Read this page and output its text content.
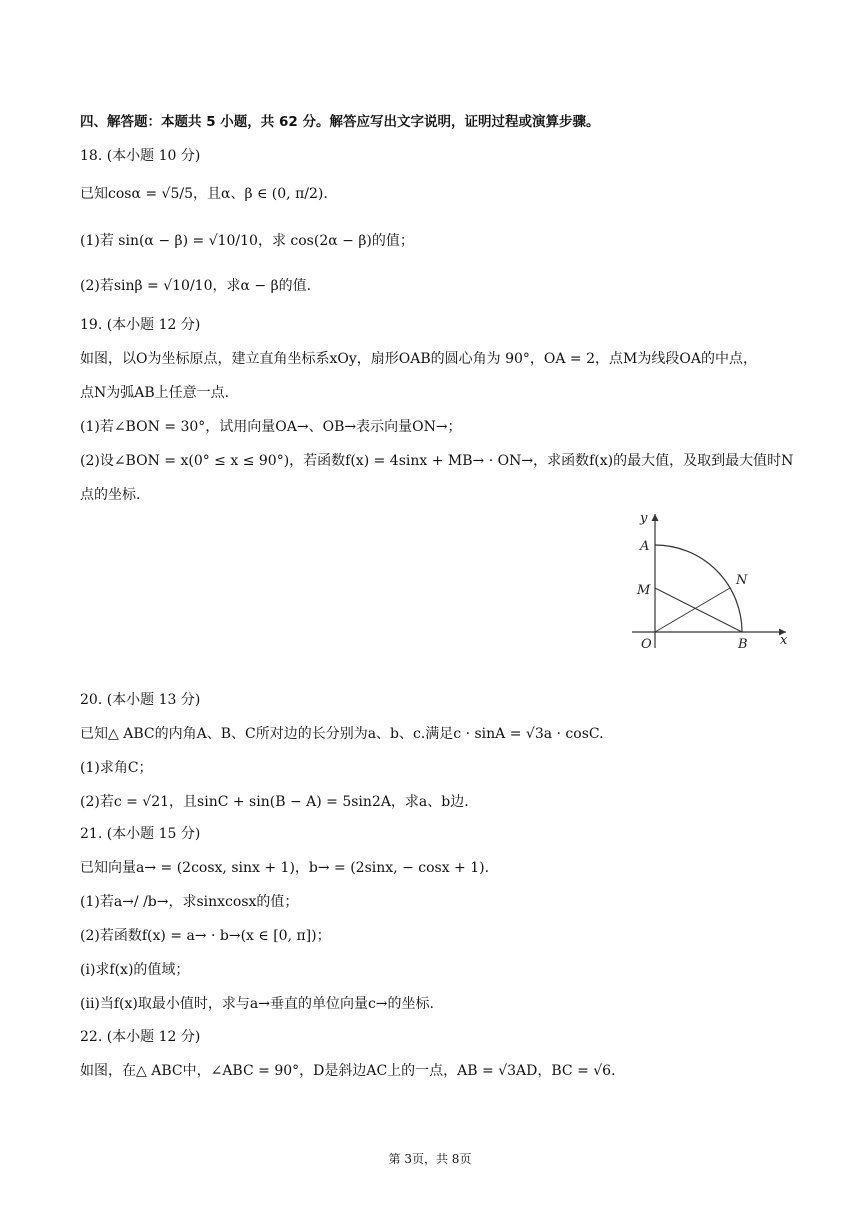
四、解答题：本题共 5 小题，共 62 分。解答应写出文字说明，证明过程或演算步骤。
18. (本小题 10 分)
已知cosα = √5/5，且α、β ∈ (0, π/2).
(1)若 sin(α − β) = √10/10，求 cos(2α − β)的值；
(2)若sinβ = √10/10，求α − β的值.
19. (本小题 12 分)
如图，以O为坐标原点，建立直角坐标系xOy，扇形OAB的圆心角为 90°，OA = 2，点M为线段OA的中点，
点N为弧AB上任意一点.
(1)若∠BON = 30°，试用向量OA→、OB→表示向量ON→；
(2)设∠BON = x(0° ≤ x ≤ 90°)，若函数f(x) = 4sinx + MB→ · ON→，求函数f(x)的最大值，及取到最大值时N
点的坐标.
y
x
A
M
N
O	B
20. (本小题 13 分)
已知△ ABC的内角A、B、C所对边的长分别为a、b、c.满足c · sinA = √3a · cosC.
(1)求角C；
(2)若c = √21，且sinC + sin(B − A) = 5sin2A，求a、b边.
21. (本小题 15 分)
已知向量a→ = (2cosx, sinx + 1)，b→ = (2sinx, − cosx + 1).
(1)若a→/ /b→，求sinxcosx的值；
(2)若函数f(x) = a→ · b→(x ∈ [0, π])；
(i)求f(x)的值域；
(ii)当f(x)取最小值时，求与a→垂直的单位向量c→的坐标.
22. (本小题 12 分)
如图，在△ ABC中，∠ABC = 90°，D是斜边AC上的一点，AB = √3AD，BC = √6.
第 3页，共 8页
